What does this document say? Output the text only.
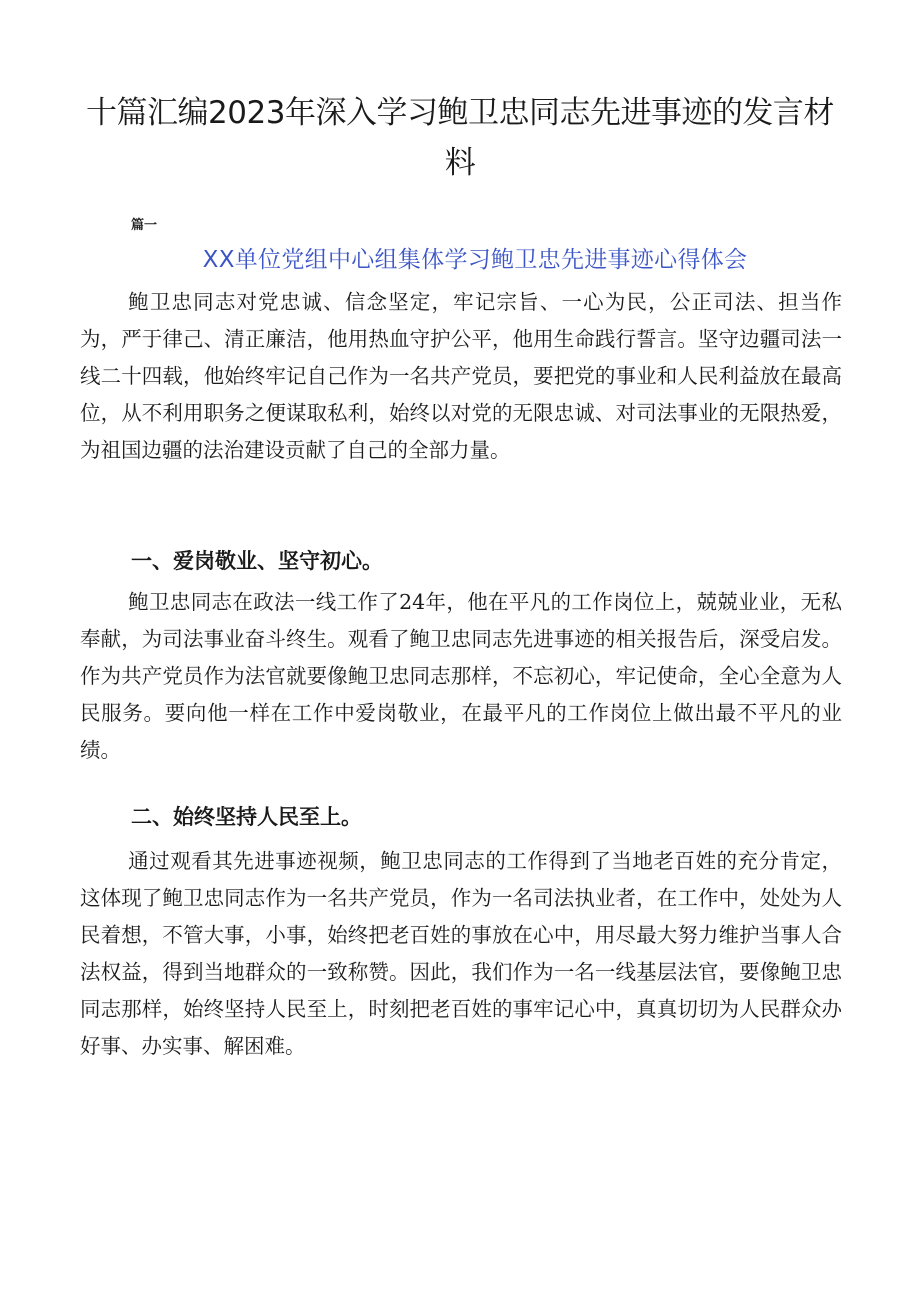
十篇汇编2023年深入学习鲍卫忠同志先进事迹的发言材料
篇一
XX单位党组中心组集体学习鲍卫忠先进事迹心得体会

鲍卫忠同志对党忠诚、信念坚定，牢记宗旨、一心为民，公正司法、担当作为，严于律己、清正廉洁，他用热血守护公平，他用生命践行誓言。坚守边疆司法一线二十四载，他始终牢记自己作为一名共产党员，要把党的事业和人民利益放在最高位，从不利用职务之便谋取私利，始终以对党的无限忠诚、对司法事业的无限热爱，为祖国边疆的法治建设贡献了自己的全部力量。

一、爱岗敬业、坚守初心。

鲍卫忠同志在政法一线工作了24年，他在平凡的工作岗位上，兢兢业业，无私奉献，为司法事业奋斗终生。观看了鲍卫忠同志先进事迹的相关报告后，深受启发。作为共产党员作为法官就要像鲍卫忠同志那样，不忘初心，牢记使命，全心全意为人民服务。要向他一样在工作中爱岗敬业，在最平凡的工作岗位上做出最不平凡的业绩。

二、始终坚持人民至上。

通过观看其先进事迹视频，鲍卫忠同志的工作得到了当地老百姓的充分肯定，这体现了鲍卫忠同志作为一名共产党员，作为一名司法执业者，在工作中，处处为人民着想，不管大事，小事，始终把老百姓的事放在心中，用尽最大努力维护当事人合法权益，得到当地群众的一致称赞。因此，我们作为一名一线基层法官，要像鲍卫忠同志那样，始终坚持人民至上，时刻把老百姓的事牢记心中，真真切切为人民群众办好事、办实事、解困难。
